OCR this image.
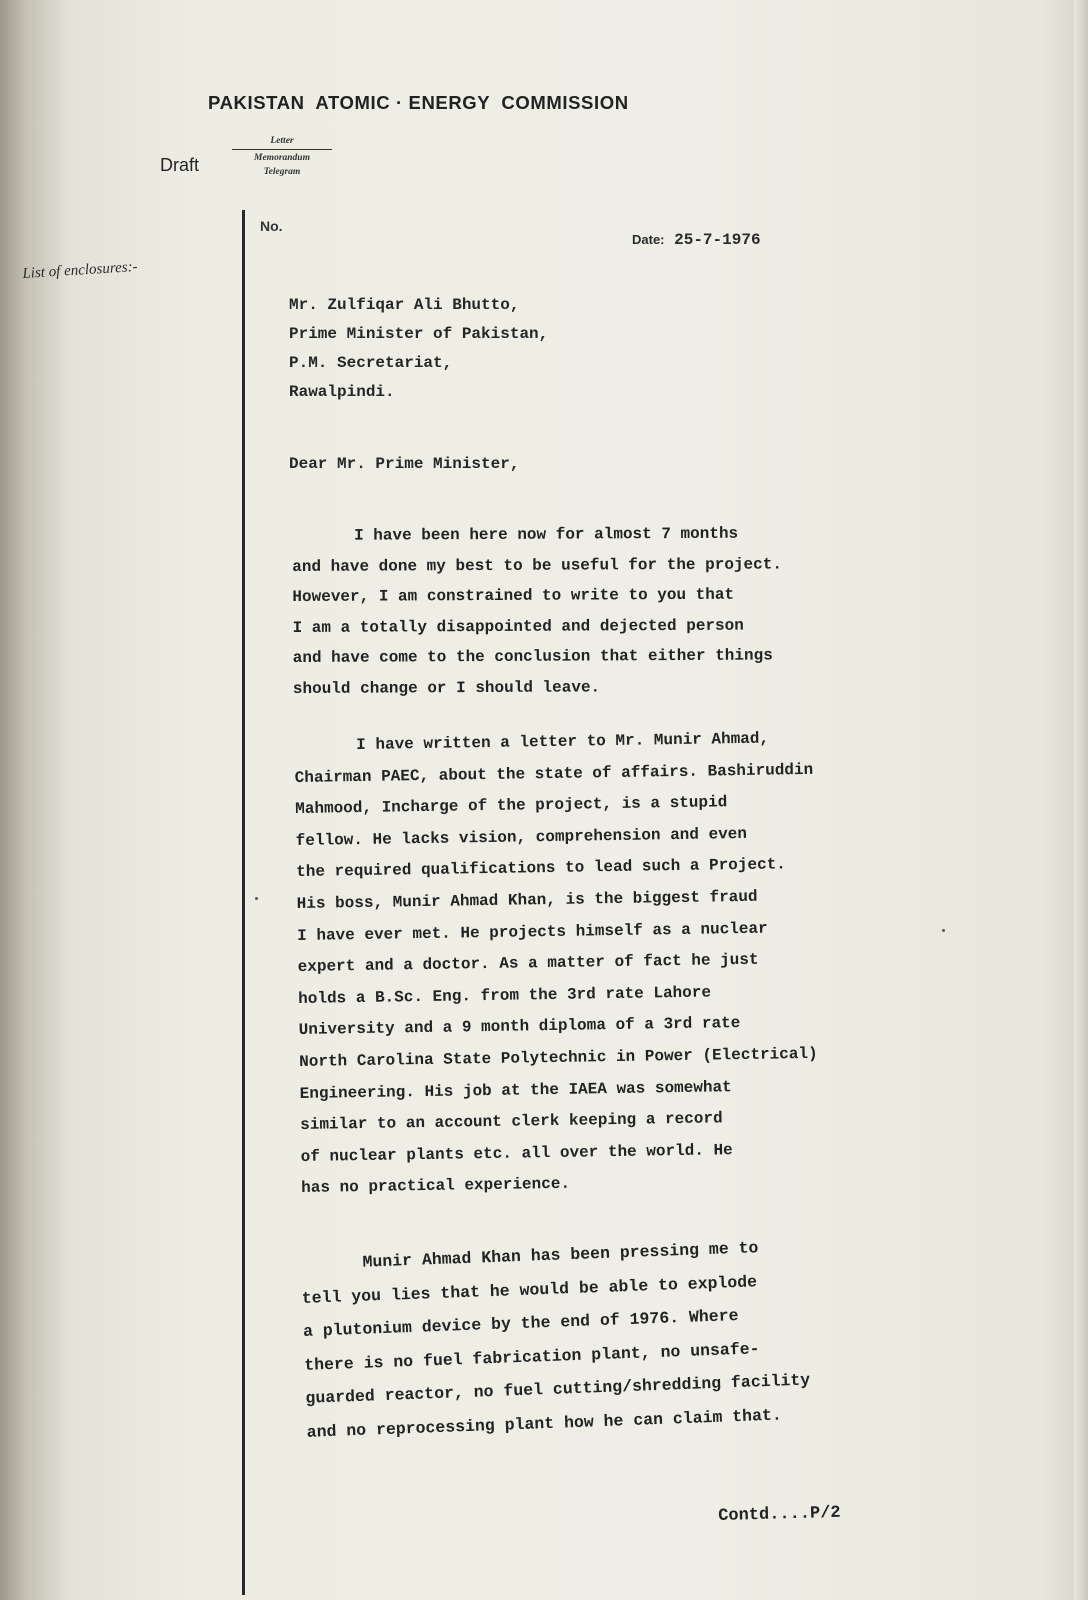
PAKISTAN  ATOMIC · ENERGY  COMMISSION
Draft
Letter
Memorandum
Telegram
No.
Date: 25-7-1976
List of enclosures:-
Mr. Zulfiqar Ali Bhutto,
Prime Minister of Pakistan,
P.M. Secretariat,
Rawalpindi.
Dear Mr. Prime Minister,
I have been here now for almost 7 months
and have done my best to be useful for the project.
However, I am constrained to write to you that
I am a totally disappointed and dejected person
and have come to the conclusion that either things
should change or I should leave.
I have written a letter to Mr. Munir Ahmad,
Chairman PAEC, about the state of affairs. Bashiruddin
Mahmood, Incharge of the project, is a stupid
fellow. He lacks vision, comprehension and even
the required qualifications to lead such a Project.
His boss, Munir Ahmad Khan, is the biggest fraud
I have ever met. He projects himself as a nuclear
expert and a doctor. As a matter of fact he just
holds a B.Sc. Eng. from the 3rd rate Lahore
University and a 9 month diploma of a 3rd rate
North Carolina State Polytechnic in Power (Electrical)
Engineering. His job at the IAEA was somewhat
similar to an account clerk keeping a record
of nuclear plants etc. all over the world. He
has no practical experience.
Munir Ahmad Khan has been pressing me to
tell you lies that he would be able to explode
a plutonium device by the end of 1976. Where
there is no fuel fabrication plant, no unsafe-
guarded reactor, no fuel cutting/shredding facility
and no reprocessing plant how he can claim that.
Contd....P/2
